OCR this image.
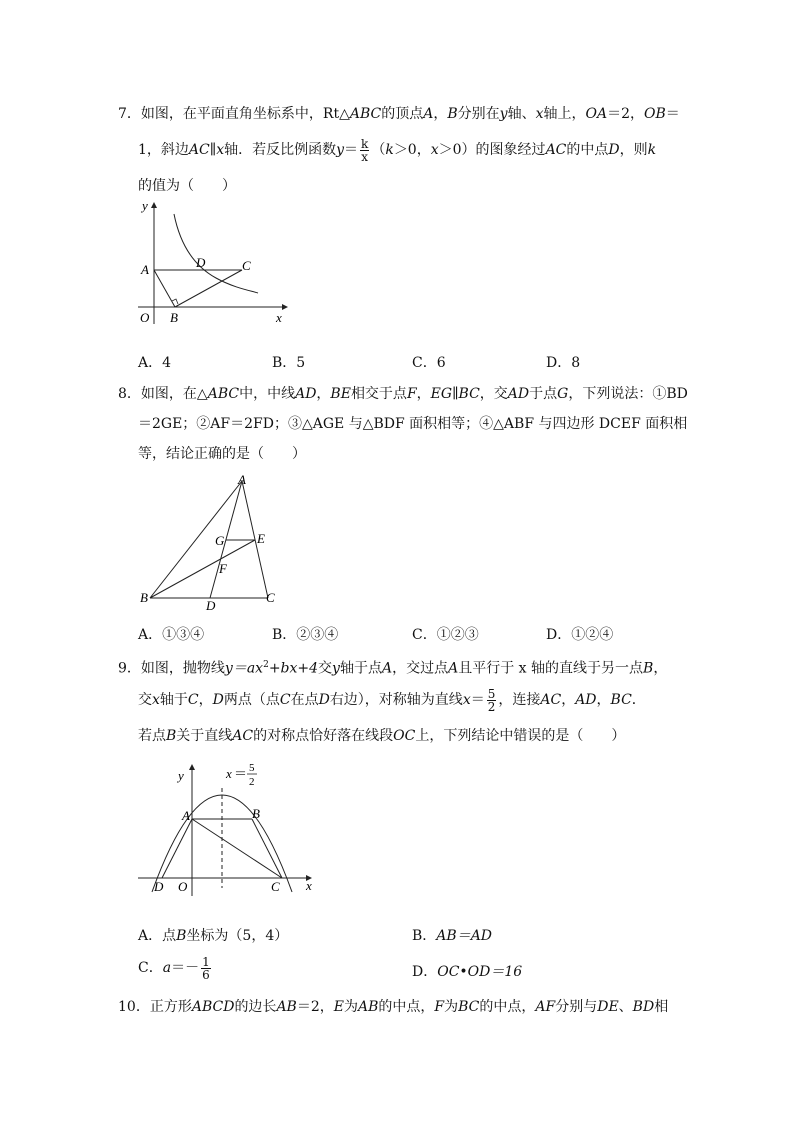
7．如图，在平面直角坐标系中，Rt△ABC的顶点A，B分别在y轴、x轴上，OA＝2，OB＝
1，斜边AC∥x轴．若反比例函数$y= \frac{k}{x} (k>0$，x＞0）的图象经过AC的中点D，则k
的值为（　　）
y
x
O
A
B
C
D
A．4	B．5	C．6	D．8
8．如图，在△ABC中，中线AD，BE相交于点F，EG∥BC，交AD于点G，下列说法：①BD
＝2GE；②AF＝2FD；③△AGE 与△BDF 面积相等；④△ABF 与四边形 DCEF 面积相
等，结论正确的是（　　）
A
B	C
D
E
F
G
A．①③④	B．②③④	C．①②③	D．①②④
9．如图，抛物线$y=ax^2+bx+4$交y轴于点A，交过点A且平行于 x 轴的直线于另一点B，
交x轴于C，D两点（点C在点D右边），对称轴为直线$x= \frac{5}{2}$ ，连接AC，AD，BC．
若点B关于直线AC的对称点恰好落在线段OC上，下列结论中错误的是（　　）
y
x
O
A	B
C
D
x ＝ 5
2
A．点B坐标为（5，4）	B．AB＝AD
C．$a=- \frac{1}{6}$	D．OC•OD＝16
10．正方形ABCD的边长AB＝2，E为AB的中点，F为BC的中点，AF分别与DE、BD相
